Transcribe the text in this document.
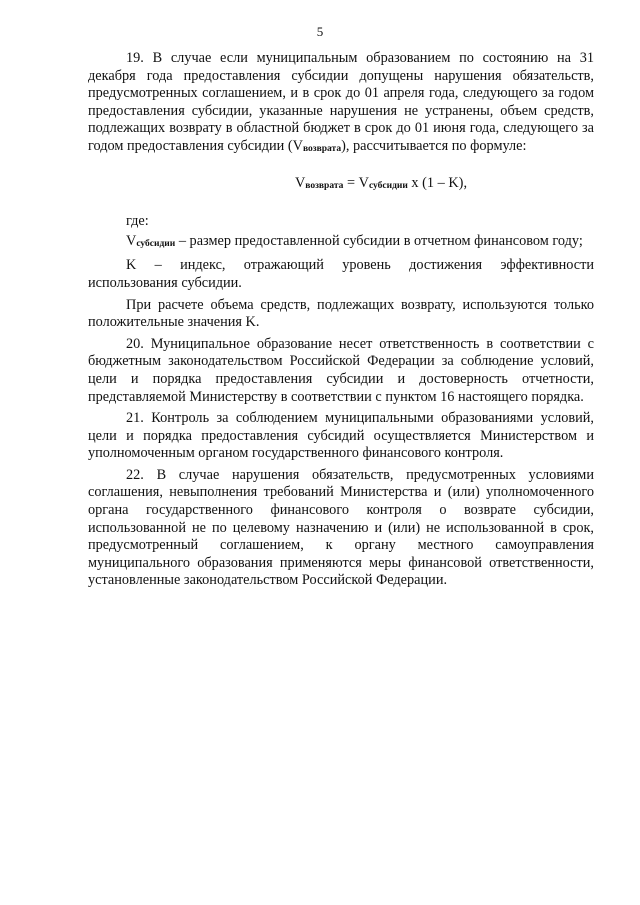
5

19. В случае если муниципальным образованием по состоянию на 31 декабря года предоставления субсидии допущены нарушения обязательств, предусмотренных соглашением, и в срок до 01 апреля года, следующего за годом предоставления субсидии, указанные нарушения не устранены, объем средств, подлежащих возврату в областной бюджет в срок до 01 июня года, следующего за годом предоставления субсидии (Vвозврата), рассчитывается по формуле:

Vвозврата = Vсубсидии x (1 – K),

где:

Vсубсидии – размер предоставленной субсидии в отчетном финансовом году;

K – индекс, отражающий уровень достижения эффективности использования субсидии.

При расчете объема средств, подлежащих возврату, используются только положительные значения K.

20. Муниципальное образование несет ответственность в соответствии с бюджетным законодательством Российской Федерации за соблюдение условий, цели и порядка предоставления субсидии и достоверность отчетности, представляемой Министерству в соответствии с пунктом 16 настоящего порядка.

21. Контроль за соблюдением муниципальными образованиями условий, цели и порядка предоставления субсидий осуществляется Министерством и уполномоченным органом государственного финансового контроля.

22. В случае нарушения обязательств, предусмотренных условиями соглашения, невыполнения требований Министерства и (или) уполномоченного органа государственного финансового контроля о возврате субсидии, использованной не по целевому назначению и (или) не использованной в срок, предусмотренный соглашением, к органу местного самоуправления муниципального образования применяются меры финансовой ответственности, установленные законодательством Российской Федерации.
